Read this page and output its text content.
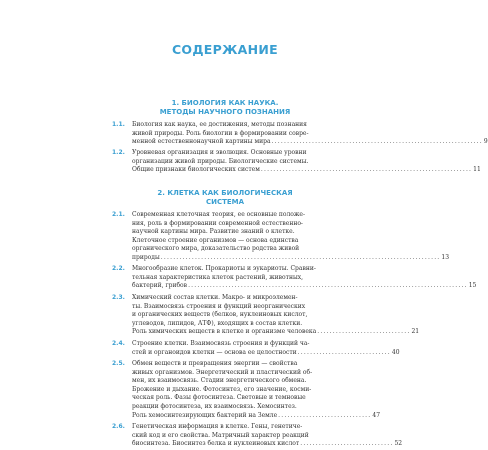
СОДЕРЖАНИЕ
1. БИОЛОГИЯ КАК НАУКА.
МЕТОДЫ НАУЧНОГО ПОЗНАНИЯ
1.1.	Биология как наука, ее достижения, методы познания
живой природы. Роль биологии в формировании совре-
менной естественнонаучной картины мира....................................................................9
1.2.	Уровневая организация и эволюция. Основные уровни
организации живой природы. Биологические системы.
Общие признаки биологических систем....................................................................11
2. КЛЕТКА КАК БИОЛОГИЧЕСКАЯ
СИСТЕМА
2.1.	Современная клеточная теория, ее основные положе-
ния, роль в формировании современной естественно-
научной картины мира. Развитие знаний о клетке.
Клеточное строение организмов — основа единства
органического мира, доказательство родства живой
природы..........................................................................................13
2.2.	Многообразие клеток. Прокариоты и эукариоты. Сравни-
тельная характеристика клеток растений, животных,
бактерий, грибов..........................................................................................15
2.3.	Химический состав клетки. Макро- и микроэлемен-
ты. Взаимосвязь строения и функций неорганических
и органических веществ (белков, нуклеиновых кислот,
углеводов, липидов, АТФ), входящих в состав клетки.
Роль химических веществ в клетке и организме человека..............................21
2.4.	Строение клетки. Взаимосвязь строения и функций ча-
стей и органоидов клетки — основа ее целостности..............................40
2.5.	Обмен веществ и превращения энергии — свойства
живых организмов. Энергетический и пластический об-
мен, их взаимосвязь. Стадии энергетического обмена.
Брожение и дыхание. Фотосинтез, его значение, косми-
ческая роль. Фазы фотосинтеза. Световые и темновые
реакции фотосинтеза, их взаимосвязь. Хемосинтез.
Роль хемосинтезирующих бактерий на Земле..............................47
2.6.	Генетическая информация в клетке. Гены, генетиче-
ский код и его свойства. Матричный характер реакций
биосинтеза. Биосинтез белка и нуклеиновых кислот..............................52
